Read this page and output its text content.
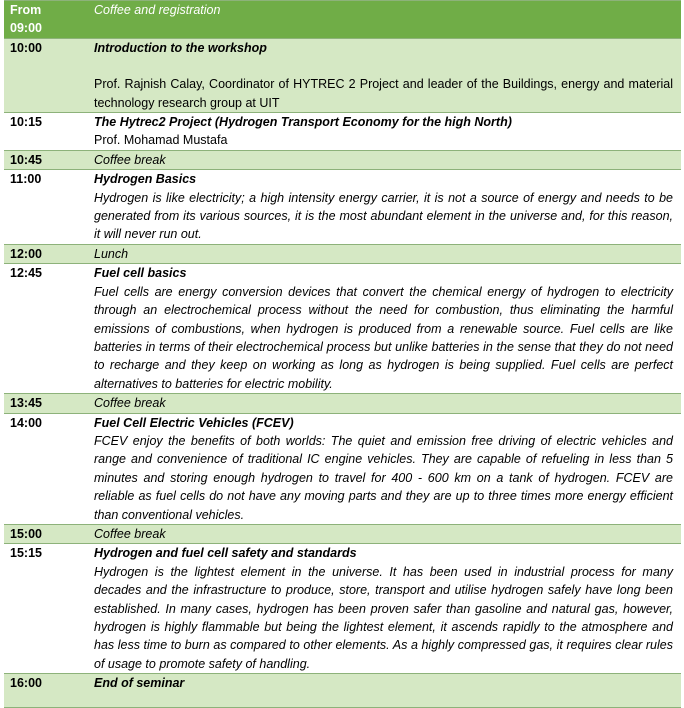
From 09:00	Coffee and registration

10:00	Introduction to the workshop
Prof. Rajnish Calay, Coordinator of HYTREC 2 Project and leader of the Buildings, energy and material technology research group at UIT

10:15	The Hytrec2 Project (Hydrogen Transport Economy for the high North)
Prof. Mohamad Mustafa

10:45	Coffee break

11:00	Hydrogen Basics
Hydrogen is like electricity; a high intensity energy carrier, it is not a source of energy and needs to be generated from its various sources, it is the most abundant element in the universe and, for this reason, it will never run out.

12:00	Lunch

12:45	Fuel cell basics
Fuel cells are energy conversion devices that convert the chemical energy of hydrogen to electricity through an electrochemical process without the need for combustion, thus eliminating the harmful emissions of combustions, when hydrogen is produced from a renewable source. Fuel cells are like batteries in terms of their electrochemical process but unlike batteries in the sense that they do not need to recharge and they keep on working as long as hydrogen is being supplied. Fuel cells are perfect alternatives to batteries for electric mobility.

13:45	Coffee break

14:00	Fuel Cell Electric Vehicles (FCEV)
FCEV enjoy the benefits of both worlds: The quiet and emission free driving of electric vehicles and range and convenience of traditional IC engine vehicles. They are capable of refueling in less than 5 minutes and storing enough hydrogen to travel for 400 - 600 km on a tank of hydrogen. FCEV are reliable as fuel cells do not have any moving parts and they are up to three times more energy efficient than conventional vehicles.

15:00	Coffee break

15:15	Hydrogen and fuel cell safety and standards
Hydrogen is the lightest element in the universe. It has been used in industrial process for many decades and the infrastructure to produce, store, transport and utilise hydrogen safely have long been established. In many cases, hydrogen has been proven safer than gasoline and natural gas, however, hydrogen is highly flammable but being the lightest element, it ascends rapidly to the atmosphere and has less time to burn as compared to other elements. As a highly compressed gas, it requires clear rules of usage to promote safety of handling.

16:00	End of seminar
